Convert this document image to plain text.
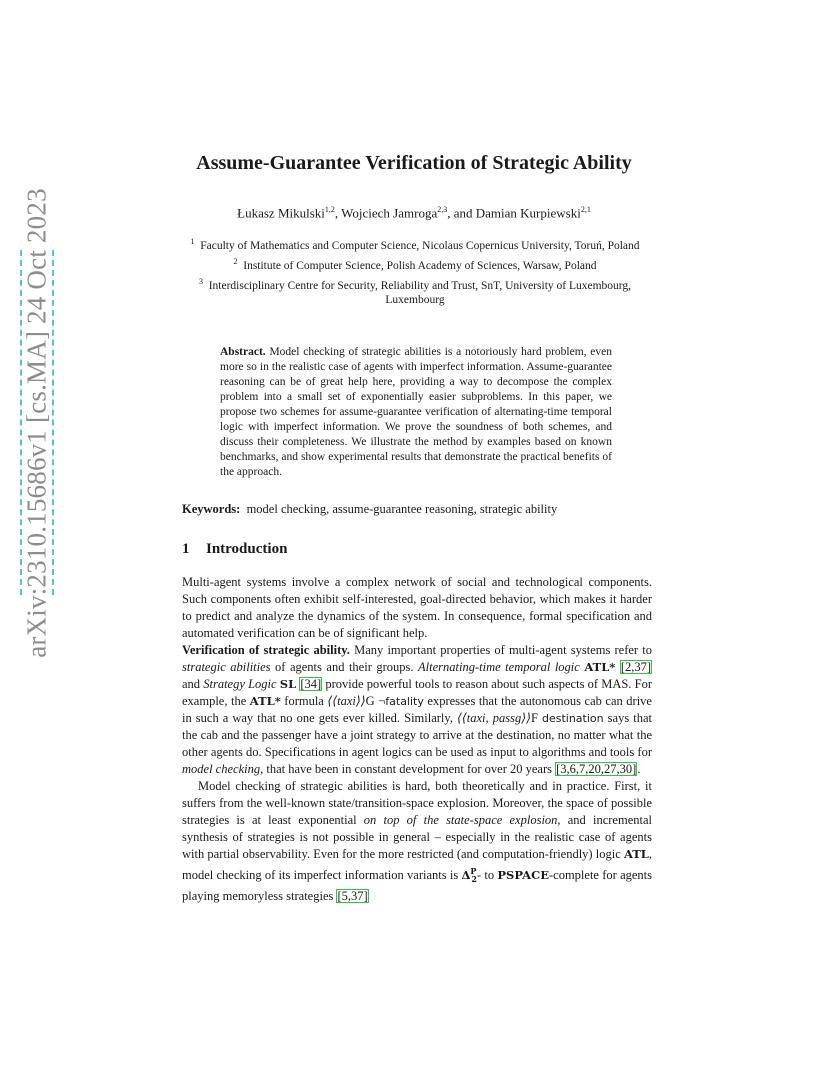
arXiv:2310.15686v1 [cs.MA] 24 Oct 2023
Assume-Guarantee Verification of Strategic Ability
Łukasz Mikulski$^{1,2}$, Wojciech Jamroga$^{2,3}$, and Damian Kurpiewski$^{2,1}$
$^1$ Faculty of Mathematics and Computer Science, Nicolaus Copernicus University, Toruń, Poland
$^2$ Institute of Computer Science, Polish Academy of Sciences, Warsaw, Poland
$^3$ Interdisciplinary Centre for Security, Reliability and Trust, SnT, University of Luxembourg, Luxembourg
Abstract. Model checking of strategic abilities is a notoriously hard problem, even more so in the realistic case of agents with imperfect information. Assume-guarantee reasoning can be of great help here, providing a way to decompose the complex problem into a small set of exponentially easier subproblems. In this paper, we propose two schemes for assume-guarantee verification of alternating-time temporal logic with imperfect information. We prove the soundness of both schemes, and discuss their completeness. We illustrate the method by examples based on known benchmarks, and show experimental results that demonstrate the practical benefits of the approach.
Keywords: model checking, assume-guarantee reasoning, strategic ability
1 Introduction

Multi-agent systems involve a complex network of social and technological components. Such components often exhibit self-interested, goal-directed behavior, which makes it harder to predict and analyze the dynamics of the system. In consequence, formal specification and automated verification can be of significant help.

Verification of strategic ability. Many important properties of multi-agent systems refer to strategic abilities of agents and their groups. Alternating-time temporal logic ATL* [2,37] and Strategy Logic SL [34] provide powerful tools to reason about such aspects of MAS. For example, the ATL* formula ⟨⟨taxi⟩⟩G ¬fatality expresses that the autonomous cab can drive in such a way that no one gets ever killed. Similarly, ⟨⟨taxi, passg⟩⟩F destination says that the cab and the passenger have a joint strategy to arrive at the destination, no matter what the other agents do. Specifications in agent logics can be used as input to algorithms and tools for model checking, that have been in constant development for over 20 years [3,6,7,20,27,30].

Model checking of strategic abilities is hard, both theoretically and in practice. First, it suffers from the well-known state/transition-space explosion. Moreover, the space of possible strategies is at least exponential on top of the state-space explosion, and incremental synthesis of strategies is not possible in general – especially in the realistic case of agents with partial observability. Even for the more restricted (and computation-friendly) logic ATL, model checking of its imperfect information variants is $\Delta^P_2-$ to PSPACE-complete for agents playing memoryless strategies [5,37]
